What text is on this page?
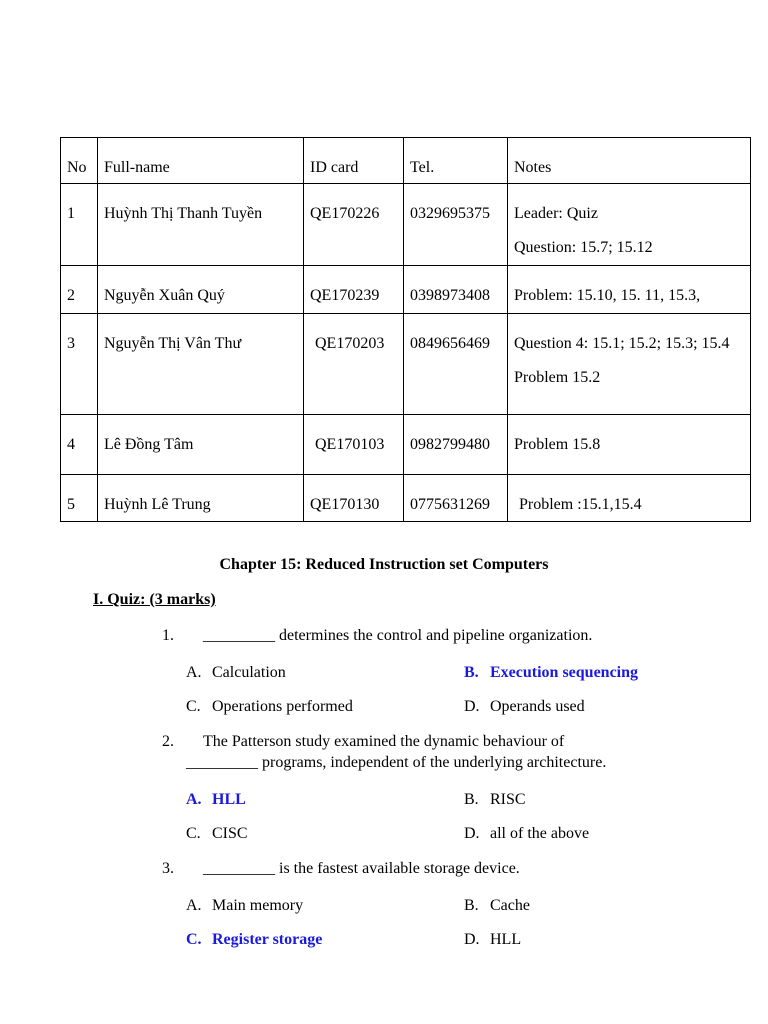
No	Full-name	ID card	Tel.	Notes

1	Huỳnh Thị Thanh Tuyền	QE170226	0329695375	Leader: Quiz
Question: 15.7; 15.12

2	Nguyễn Xuân Quý	QE170239	0398973408	Problem: 15.10, 15. 11, 15.3,

3	Nguyễn Thị Vân Thư	QE170203	0849656469	Question 4: 15.1; 15.2; 15.3; 15.4
Problem 15.2

4	Lê Đồng Tâm	QE170103	0982799480	Problem 15.8

5	Huỳnh Lê Trung	QE170130	0775631269	Problem :15.1,15.4
Chapter 15: Reduced Instruction set Computers
I. Quiz: (3 marks)
1. _________ determines the control and pipeline organization.
A. Calculation	B. Execution sequencing
C. Operations performed	D. Operands used
2. The Patterson study examined the dynamic behaviour of
_________ programs, independent of the underlying architecture.
A. HLL	B. RISC
C. CISC	D. all of the above
3. _________ is the fastest available storage device.
A. Main memory	B. Cache
C. Register storage	D. HLL
